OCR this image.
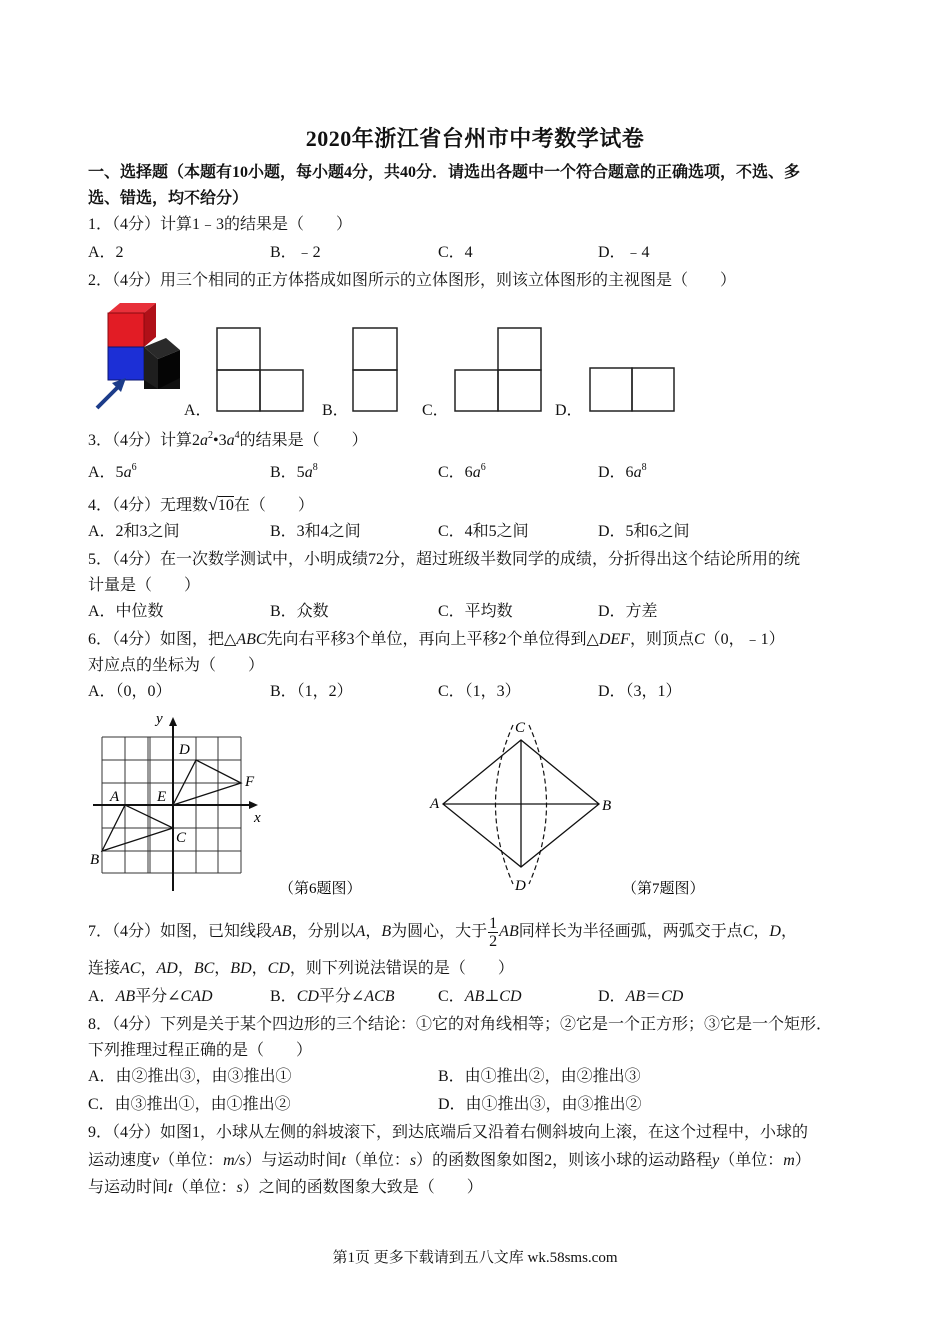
2020年浙江省台州市中考数学试卷
一、选择题（本题有10小题，每小题4分，共40分．请选出各题中一个符合题意的正确选项，不选、多
选、错选，均不给分）
1．（4分）计算1﹣3的结果是（　　）
A．2	B．﹣2	C．4	D．﹣4
2．（4分）用三个相同的正方体搭成如图所示的立体图形，则该立体图形的主视图是（　　）
x
y
A
B
C
D
E
F
（第6题图）
A	B
C
D	（第7题图）
A．	B．	C．	D．
3．（4分）计算$2a^2•3a^4$的结果是（　　）
A．$5a^6$	B．$5a^8$	C．$6a^6$	D．$6a^8$
4．（4分）无理数√10在（　　）
A．2和3之间	B．3和4之间	C．4和5之间	D．5和6之间
5．（4分）在一次数学测试中，小明成绩72分，超过班级半数同学的成绩，分折得出这个结论所用的统
计量是（　　）
A．中位数	B．众数	C．平均数	D．方差
6．（4分）如图，把△ABC先向右平移3个单位，再向上平移2个单位得到△DEF，则顶点C（0，﹣1）
对应点的坐标为（　　）
A．（0，0）	B．（1，2）	C．（1，3）	D．（3，1）
7．（4分）如图，已知线段AB，分别以A，B为圆心，大于 $\frac{1}{2}$ AB同样长为半径画弧，两弧交于点C，D，
连接AC，AD，BC，BD，CD，则下列说法错误的是（　　）
A．AB平分∠CAD	B．CD平分∠ACB	C．AB⊥CD	D．AB＝CD
8．（4分）下列是关于某个四边形的三个结论：①它的对角线相等；②它是一个正方形；③它是一个矩形．
下列推理过程正确的是（　　）
A．由②推出③，由③推出①	B．由①推出②，由②推出③
C．由③推出①，由①推出②	D．由①推出③，由③推出②
9．（4分）如图1，小球从左侧的斜坡滚下，到达底端后又沿着右侧斜坡向上滚，在这个过程中，小球的
运动速度v（单位：m/s）与运动时间t（单位：s）的函数图象如图2，则该小球的运动路程y（单位：m）
与运动时间t（单位：s）之间的函数图象大致是（　　）
第1页 更多下载请到五八文库 wk.58sms.com
